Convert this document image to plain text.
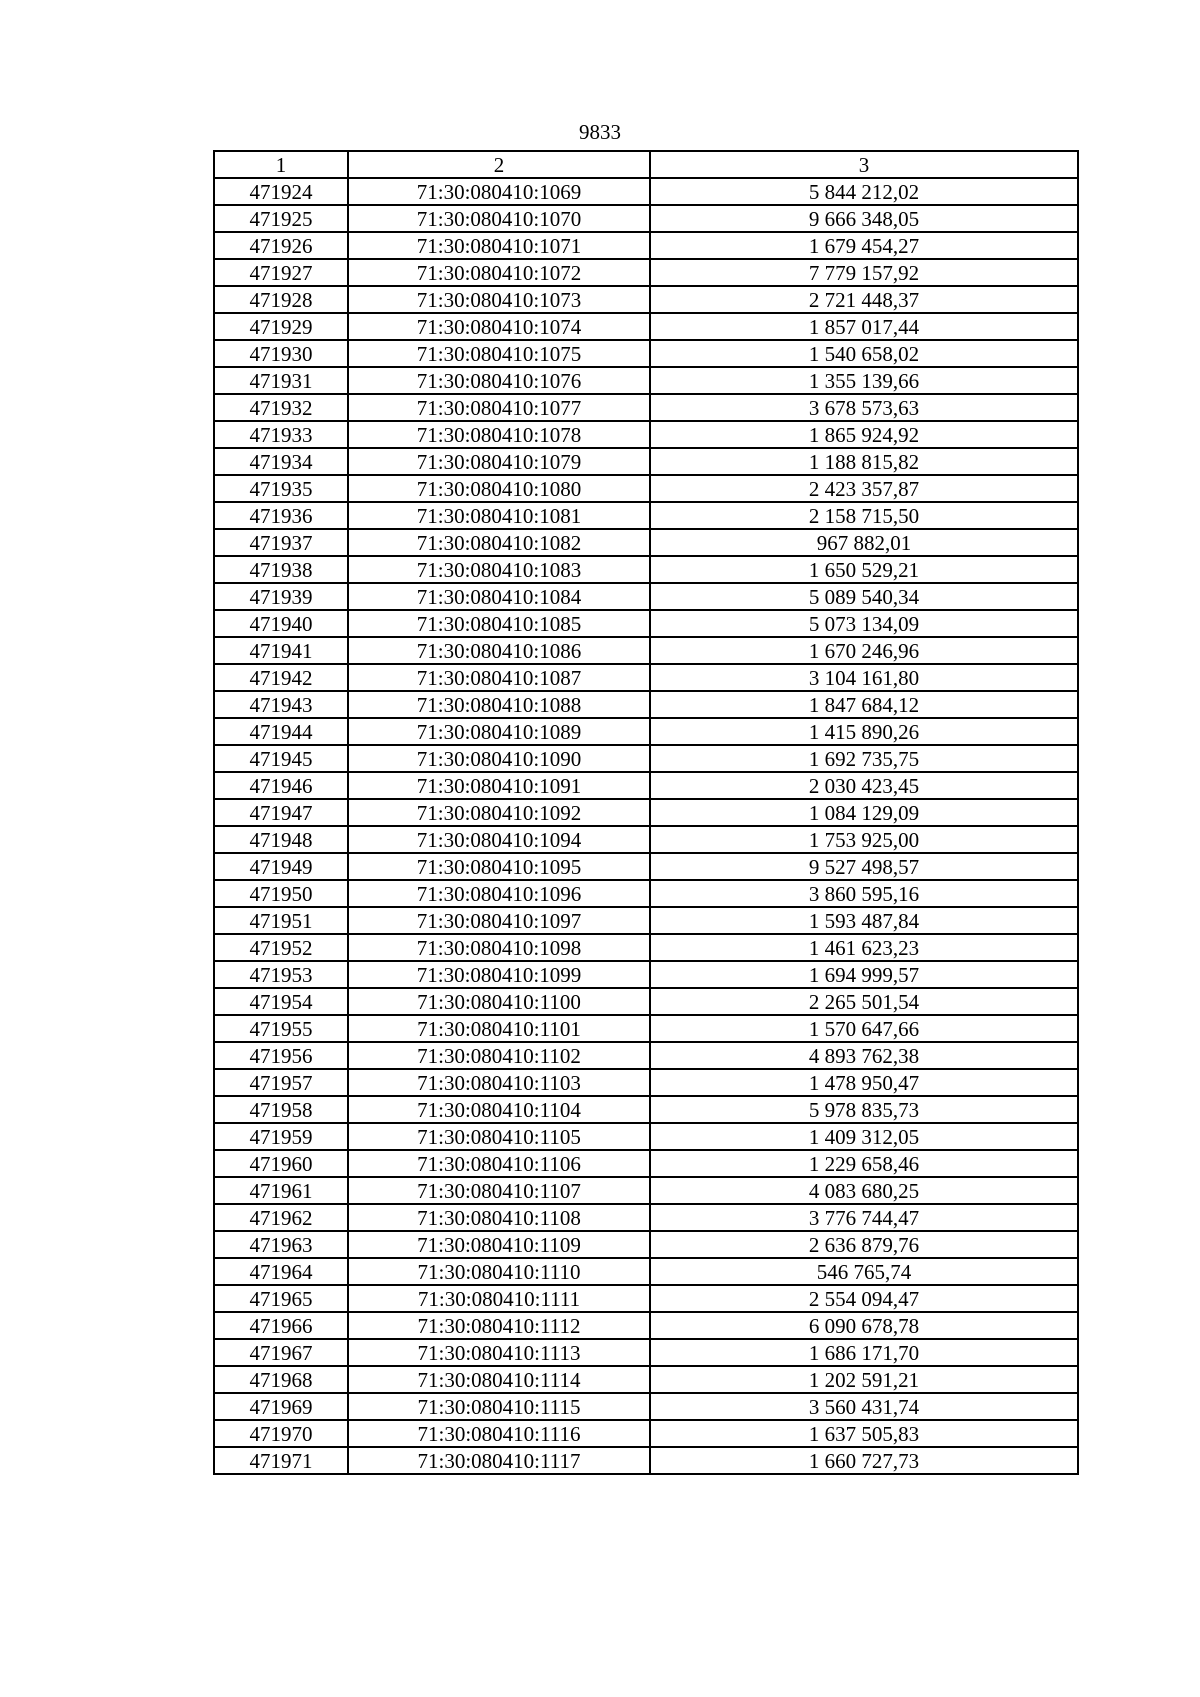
9833
1	2	3
471924	71:30:080410:1069	5 844 212,02
471925	71:30:080410:1070	9 666 348,05
471926	71:30:080410:1071	1 679 454,27
471927	71:30:080410:1072	7 779 157,92
471928	71:30:080410:1073	2 721 448,37
471929	71:30:080410:1074	1 857 017,44
471930	71:30:080410:1075	1 540 658,02
471931	71:30:080410:1076	1 355 139,66
471932	71:30:080410:1077	3 678 573,63
471933	71:30:080410:1078	1 865 924,92
471934	71:30:080410:1079	1 188 815,82
471935	71:30:080410:1080	2 423 357,87
471936	71:30:080410:1081	2 158 715,50
471937	71:30:080410:1082	967 882,01
471938	71:30:080410:1083	1 650 529,21
471939	71:30:080410:1084	5 089 540,34
471940	71:30:080410:1085	5 073 134,09
471941	71:30:080410:1086	1 670 246,96
471942	71:30:080410:1087	3 104 161,80
471943	71:30:080410:1088	1 847 684,12
471944	71:30:080410:1089	1 415 890,26
471945	71:30:080410:1090	1 692 735,75
471946	71:30:080410:1091	2 030 423,45
471947	71:30:080410:1092	1 084 129,09
471948	71:30:080410:1094	1 753 925,00
471949	71:30:080410:1095	9 527 498,57
471950	71:30:080410:1096	3 860 595,16
471951	71:30:080410:1097	1 593 487,84
471952	71:30:080410:1098	1 461 623,23
471953	71:30:080410:1099	1 694 999,57
471954	71:30:080410:1100	2 265 501,54
471955	71:30:080410:1101	1 570 647,66
471956	71:30:080410:1102	4 893 762,38
471957	71:30:080410:1103	1 478 950,47
471958	71:30:080410:1104	5 978 835,73
471959	71:30:080410:1105	1 409 312,05
471960	71:30:080410:1106	1 229 658,46
471961	71:30:080410:1107	4 083 680,25
471962	71:30:080410:1108	3 776 744,47
471963	71:30:080410:1109	2 636 879,76
471964	71:30:080410:1110	546 765,74
471965	71:30:080410:1111	2 554 094,47
471966	71:30:080410:1112	6 090 678,78
471967	71:30:080410:1113	1 686 171,70
471968	71:30:080410:1114	1 202 591,21
471969	71:30:080410:1115	3 560 431,74
471970	71:30:080410:1116	1 637 505,83
471971	71:30:080410:1117	1 660 727,73
